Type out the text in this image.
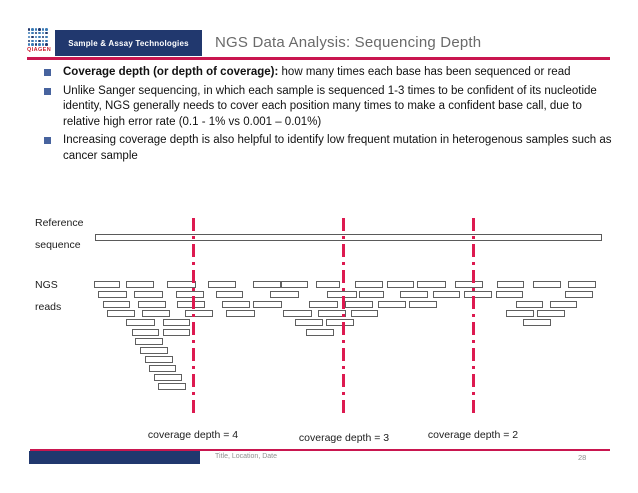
QIAGEN
Sample & Assay Technologies NGS Data Analysis: Sequencing Depth
Coverage depth (or depth of coverage): how many times each base has been sequenced or read
Unlike Sanger sequencing, in which each sample is sequenced 1-3 times to be confident of its nucleotide identity, NGS generally needs to cover each position many times to make a confident base call, due to relative high error rate (0.1 - 1% vs 0.001 – 0.01%)
Increasing coverage depth is also helpful to identify low frequent mutation in heterogenous samples such as cancer sample
Reference
sequence
NGS
reads
coverage depth = 4	coverage depth = 3	coverage depth = 2
Title, Location, Date	28
